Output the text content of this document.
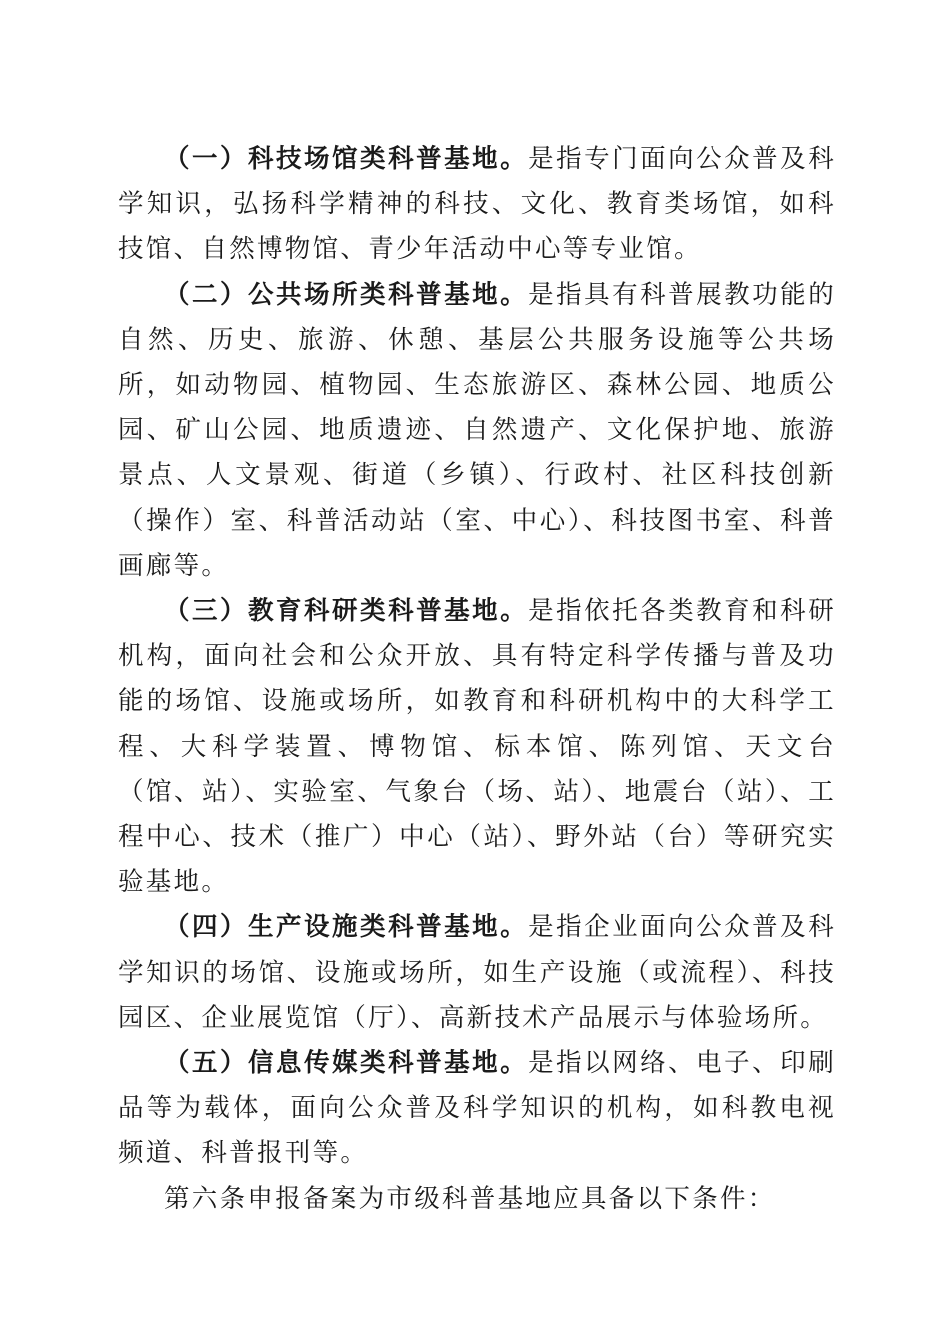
（一）科技场馆类科普基地。是指专门面向公众普及科学知识，弘扬科学精神的科技、文化、教育类场馆，如科技馆、自然博物馆、青少年活动中心等专业馆。

（二）公共场所类科普基地。是指具有科普展教功能的自然、历史、旅游、休憩、基层公共服务设施等公共场所，如动物园、植物园、生态旅游区、森林公园、地质公园、矿山公园、地质遗迹、自然遗产、文化保护地、旅游景点、人文景观、街道（乡镇）、行政村、社区科技创新（操作）室、科普活动站（室、中心）、科技图书室、科普画廊等。

（三）教育科研类科普基地。是指依托各类教育和科研机构，面向社会和公众开放、具有特定科学传播与普及功能的场馆、设施或场所，如教育和科研机构中的大科学工程、大科学装置、博物馆、标本馆、陈列馆、天文台（馆、站）、实验室、气象台（场、站）、地震台（站）、工程中心、技术（推广）中心（站）、野外站（台）等研究实验基地。

（四）生产设施类科普基地。是指企业面向公众普及科学知识的场馆、设施或场所，如生产设施（或流程）、科技园区、企业展览馆（厅）、高新技术产品展示与体验场所。

（五）信息传媒类科普基地。是指以网络、电子、印刷品等为载体，面向公众普及科学知识的机构，如科教电视频道、科普报刊等。

第六条申报备案为市级科普基地应具备以下条件：
